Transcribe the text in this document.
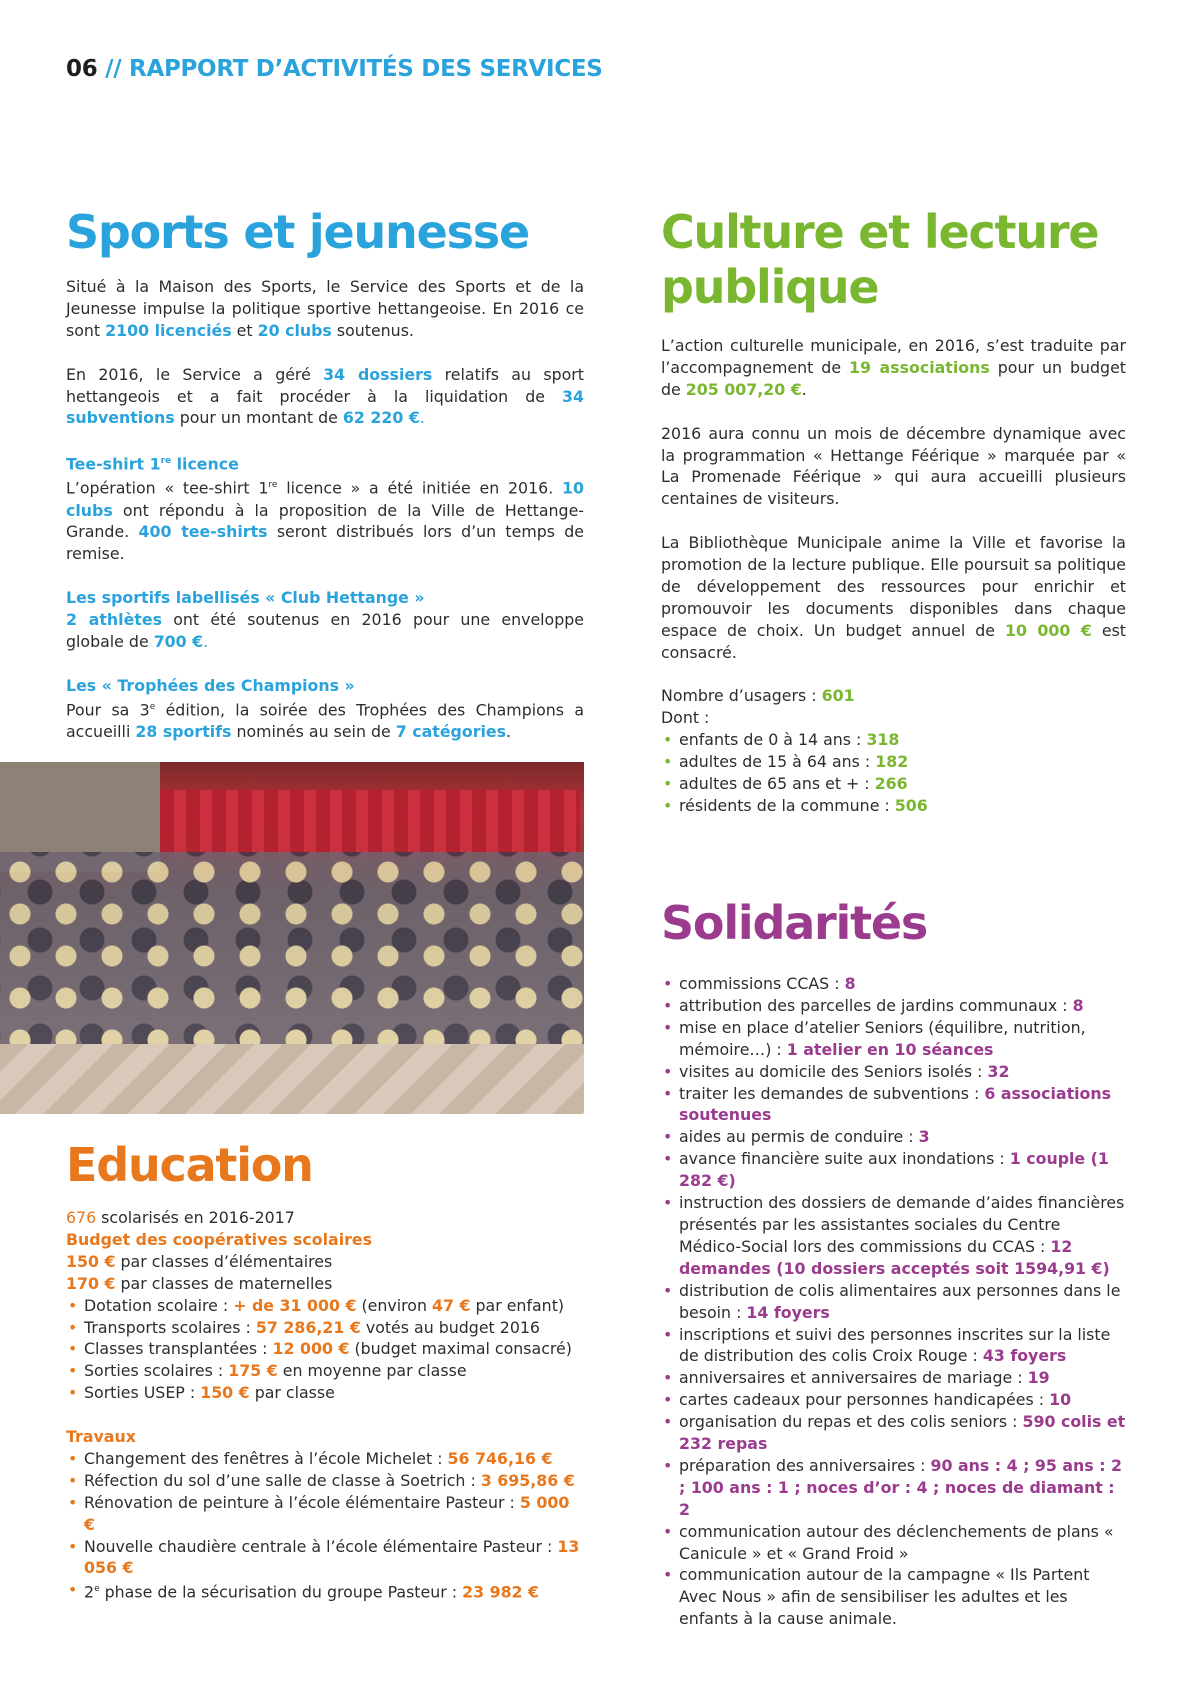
06 // RAPPORT D’ACTIVITÉS DES SERVICES
Sports et jeunesse

Situé à la Maison des Sports, le Service des Sports et de la Jeunesse impulse la politique sportive hettangeoise. En 2016 ce sont 2100 licenciés et 20 clubs soutenus.

En 2016, le Service a géré 34 dossiers relatifs au sport hettangeois et a fait procéder à la liquidation de 34 subventions pour un montant de 62 220 €.

Tee-shirt 1re licence

L’opération « tee-shirt 1re licence » a été initiée en 2016. 10 clubs ont répondu à la proposition de la Ville de Hettange-Grande. 400 tee-shirts seront distribués lors d’un temps de remise.

Les sportifs labellisés « Club Hettange »

2 athlètes ont été soutenus en 2016 pour une enveloppe globale de 700 €.

Les « Trophées des Champions »

Pour sa 3e édition, la soirée des Trophées des Champions a accueilli 28 sportifs nominés au sein de 7 catégories.

Education

676 scolarisés en 2016-2017

Budget des coopératives scolaires

150 € par classes d’élémentaires

170 € par classes de maternelles

• Dotation scolaire : + de 31 000 € (environ 47 € par enfant)
• Transports scolaires : 57 286,21 € votés au budget 2016
• Classes transplantées : 12 000 € (budget maximal consacré)
• Sorties scolaires : 175 € en moyenne par classe
• Sorties USEP : 150 € par classe

Travaux

• Changement des fenêtres à l’école Michelet : 56 746,16 €
• Réfection du sol d’une salle de classe à Soetrich : 3 695,86 €
• Rénovation de peinture à l’école élémentaire Pasteur : 5 000 €
• Nouvelle chaudière centrale à l’école élémentaire Pasteur : 13 056 €
• 2e phase de la sécurisation du groupe Pasteur : 23 982 €
Culture et lecture
publique

L’action culturelle municipale, en 2016, s’est traduite par l’accompagnement de 19 associations pour un budget de 205 007,20 €.

2016 aura connu un mois de décembre dynamique avec la programmation « Hettange Féérique » marquée par « La Promenade Féérique » qui aura accueilli plusieurs centaines de visiteurs.

La Bibliothèque Municipale anime la Ville et favorise la promotion de la lecture publique. Elle poursuit sa politique de développement des ressources pour enrichir et promouvoir les documents disponibles dans chaque espace de choix. Un budget annuel de 10 000 € est consacré.

Nombre d’usagers : 601

Dont :

• enfants de 0 à 14 ans : 318
• adultes de 15 à 64 ans : 182
• adultes de 65 ans et + : 266
• résidents de la commune : 506
Solidarités
• commissions CCAS : 8
• attribution des parcelles de jardins communaux : 8
• mise en place d’atelier Seniors (équilibre, nutrition, mémoire…) : 1 atelier en 10 séances
• visites au domicile des Seniors isolés : 32
• traiter les demandes de subventions : 6 associations soutenues
• aides au permis de conduire : 3
• avance financière suite aux inondations : 1 couple (1 282 €)
• instruction des dossiers de demande d’aides financières présentés par les assistantes sociales du Centre Médico-Social lors des commissions du CCAS : 12 demandes (10 dossiers acceptés soit 1594,91 €)
• distribution de colis alimentaires aux personnes dans le besoin : 14 foyers
• inscriptions et suivi des personnes inscrites sur la liste de distribution des colis Croix Rouge : 43 foyers
• anniversaires et anniversaires de mariage : 19
• cartes cadeaux pour personnes handicapées : 10
• organisation du repas et des colis seniors : 590 colis et 232 repas
• préparation des anniversaires : 90 ans : 4 ; 95 ans : 2 ; 100 ans : 1 ; noces d’or : 4 ; noces de diamant : 2
• communication autour des déclenchements de plans « Canicule » et « Grand Froid »
• communication autour de la campagne « Ils Partent Avec Nous » afin de sensibiliser les adultes et les enfants à la cause animale.
